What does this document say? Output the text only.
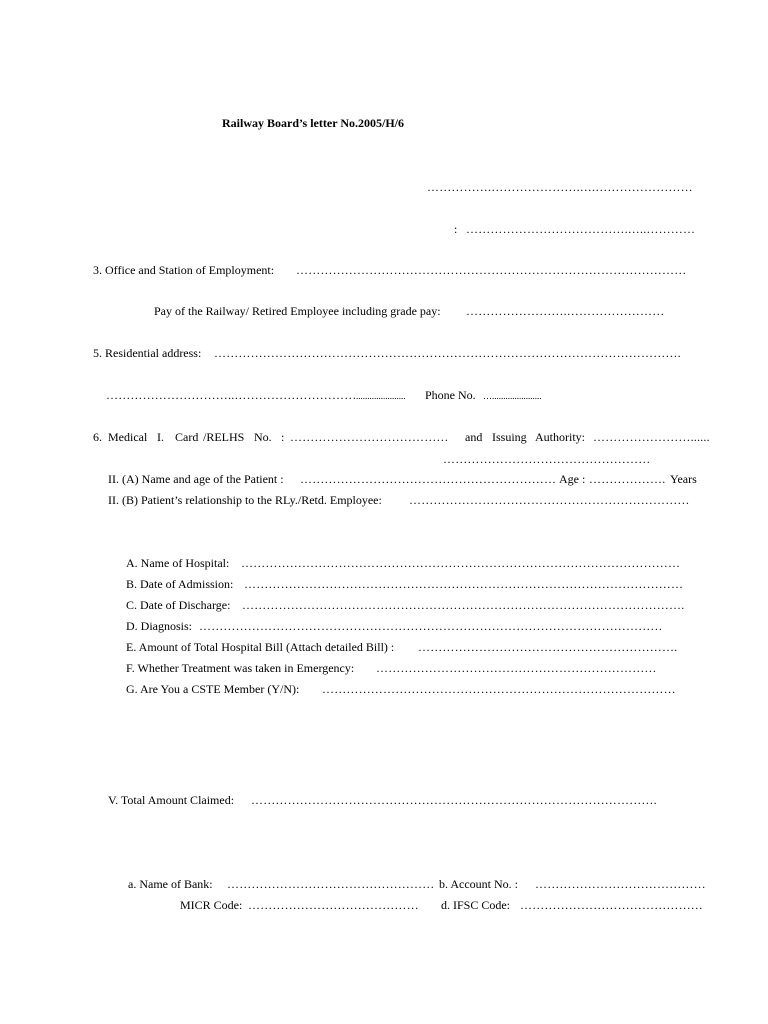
Railway Board’s letter No.2005/H/6
…………….………………….….……………………
: ………………………………….…..…………
3. Office and Station of Employment: ……………………………………………………………………………………
Pay of the Railway/ Retired Employee including grade pay: …………………….……………………
5. Residential address: …………………………………………………………………………………………………….
…………………………..………………………… ...................... Phone No. …......................
6. Medical I. Card /RELHS No. : ………………………………… and Issuing Authority: ……………………......
……………………………………………
II. (A) Name and age of the Patient : ……………………………………………………… Age : ………………. Years
II. (B) Patient’s relationship to the RLy./Retd. Employee: ……………………………………………………………
A. Name of Hospital: ………………………………………………………………………………………………
B. Date of Admission: ………………………………………………………………………………………………
C. Date of Discharge: ……………………………………………………………………………………………….
D. Diagnosis: ……………………………………………………………………………………………………
E. Amount of Total Hospital Bill (Attach detailed Bill) : ……………………………………………………….
F. Whether Treatment was taken in Emergency: ……………………………………………………………
G. Are You a CSTE Member (Y/N): ……………………………………………………………………………
V. Total Amount Claimed: ……………………………………………………………………………………….
a. Name of Bank: …………………………………………… b. Account No. : ……………………………………
MICR Code: …………………………………… d. IFSC Code: ………………………………………
